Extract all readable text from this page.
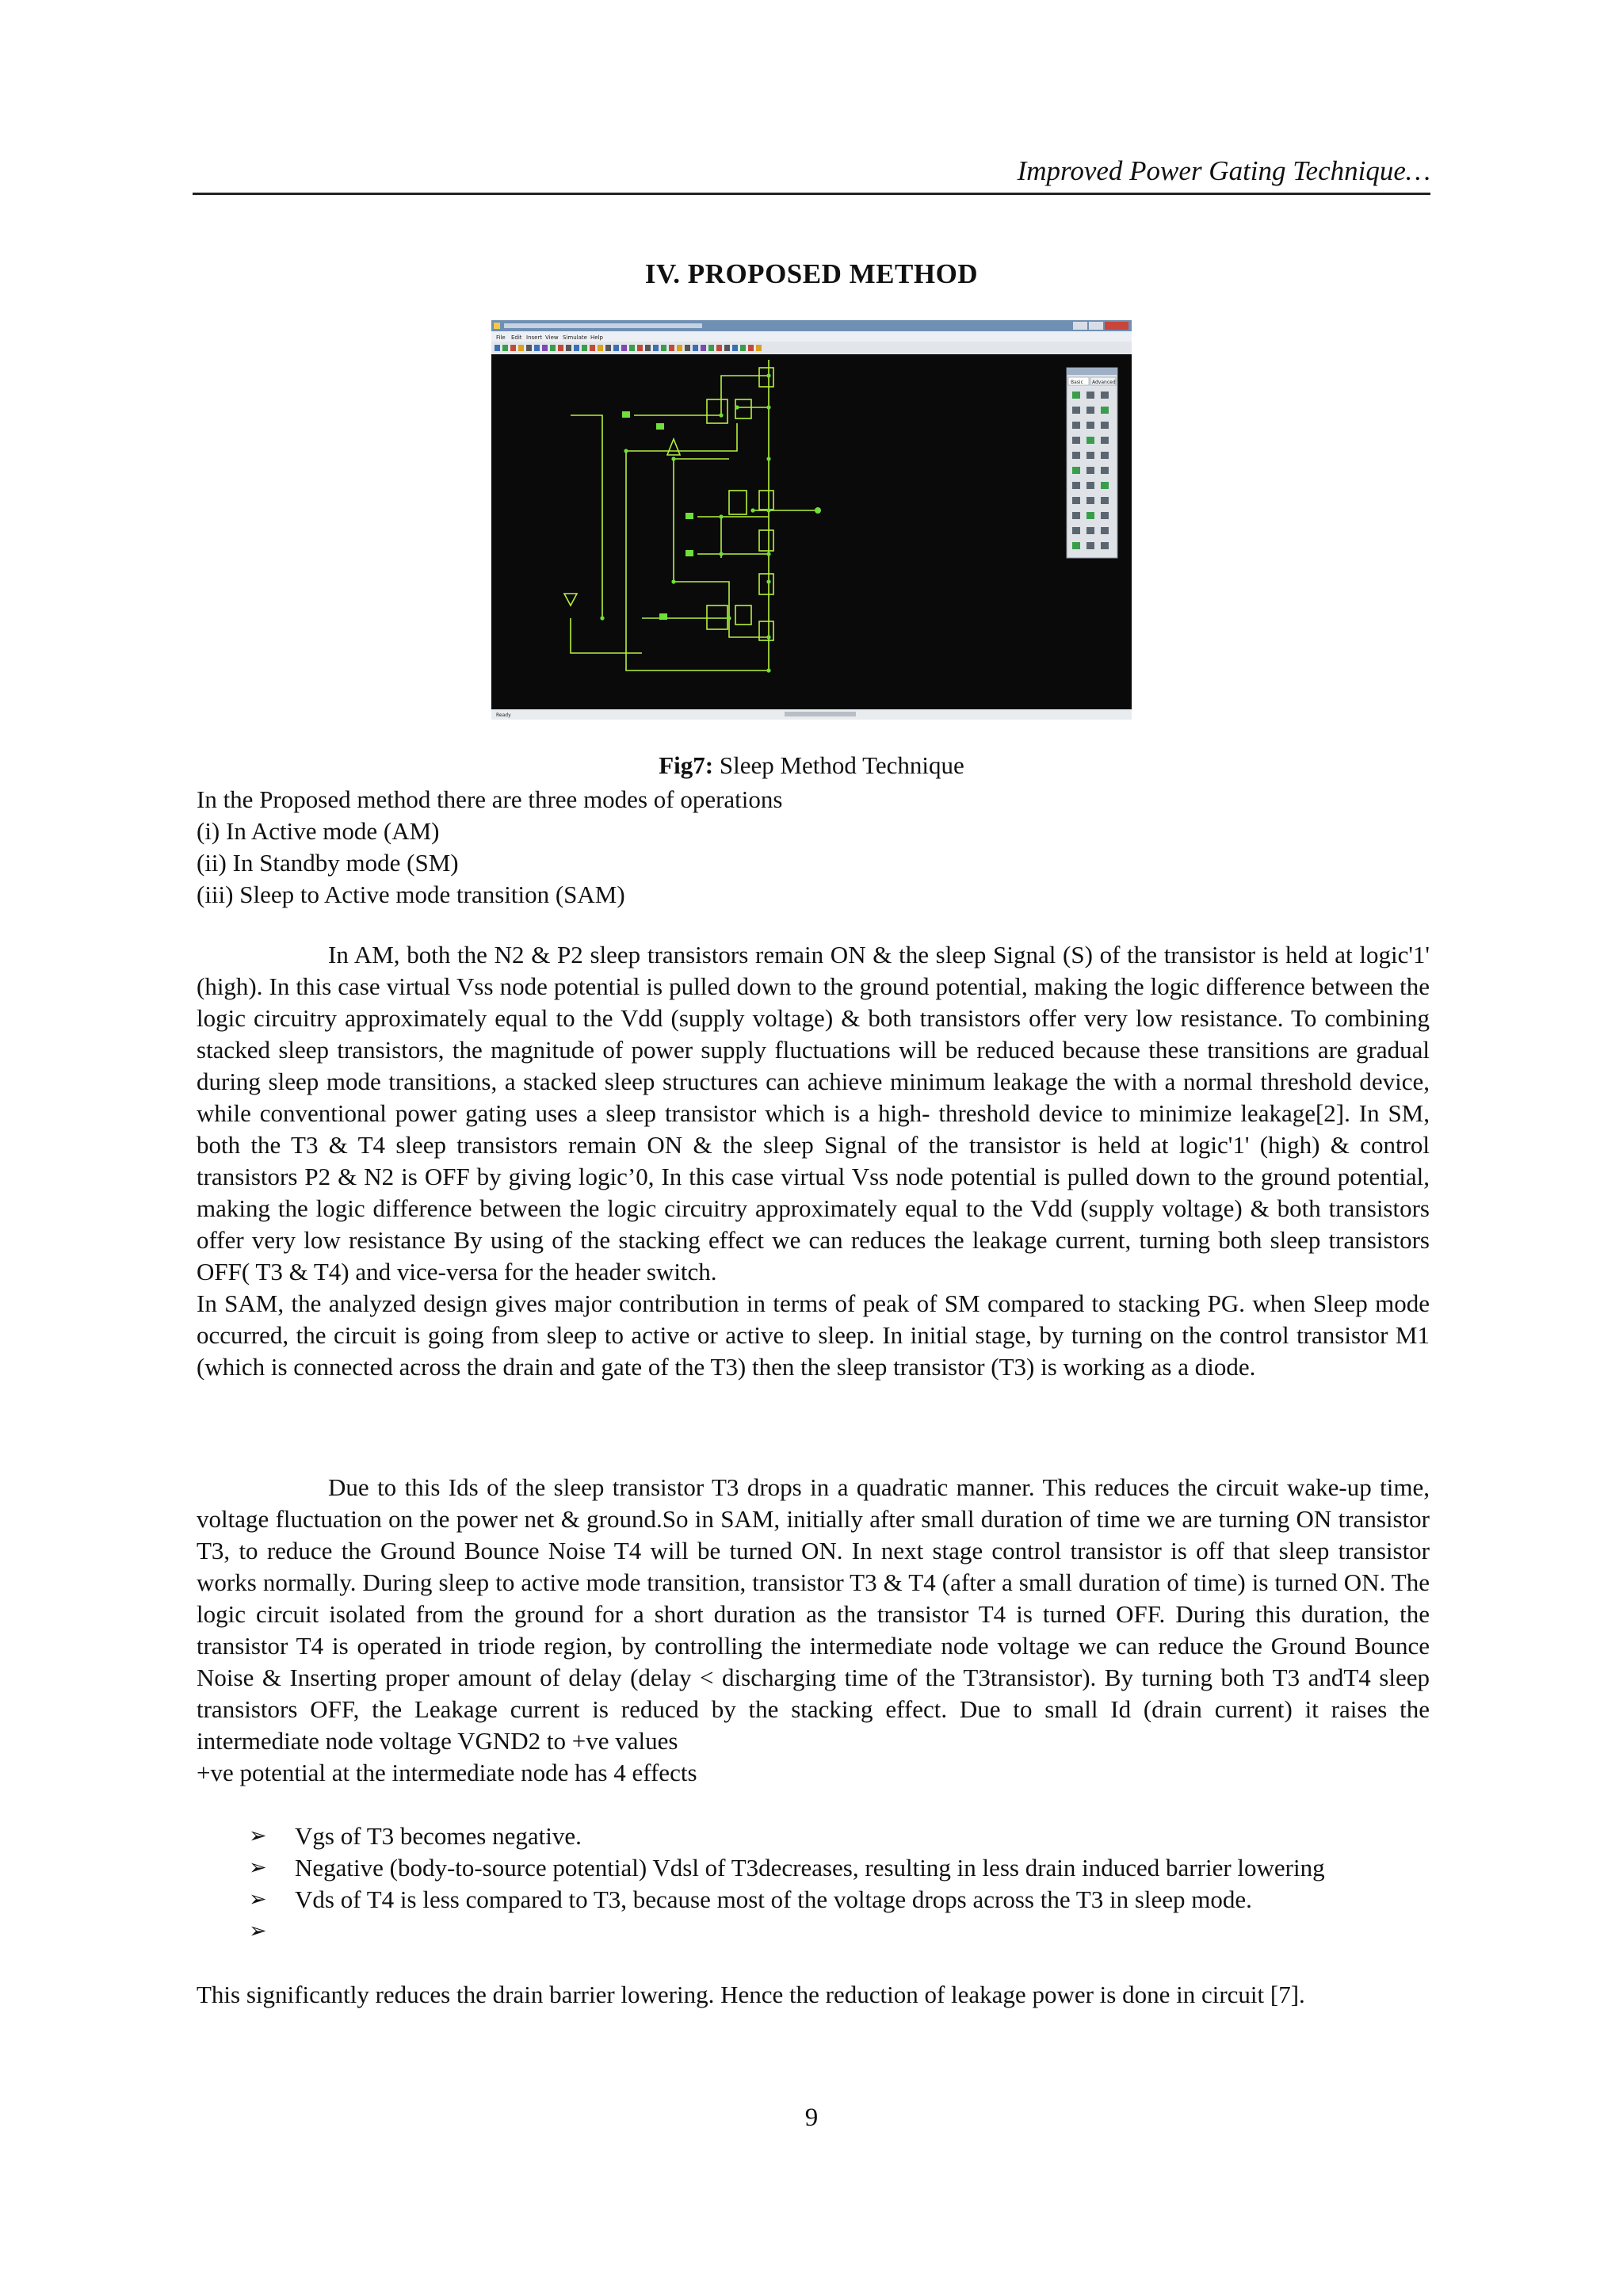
Improved Power Gating Technique…
IV. PROPOSED METHOD
File Edit Insert View Simulate Help
Basic Advanced
Ready
Fig7: Sleep Method Technique

In the Proposed method there are three modes of operations

(i) In Active mode (AM)

(ii) In Standby mode (SM)

(iii) Sleep to Active mode transition (SAM)

In AM, both the N2 & P2 sleep transistors remain ON & the sleep Signal (S) of the transistor is held at logic'1' (high). In this case virtual Vss node potential is pulled down to the ground potential, making the logic difference between the logic circuitry approximately equal to the Vdd (supply voltage) & both transistors offer very low resistance. To combining stacked sleep transistors, the magnitude of power supply fluctuations will be reduced because these transitions are gradual during sleep mode transitions, a stacked sleep structures can achieve minimum leakage the with a normal threshold device, while conventional power gating uses a sleep transistor which is a high- threshold device to minimize leakage[2]. In SM, both the T3 & T4 sleep transistors remain ON & the sleep Signal of the transistor is held at logic'1' (high) & control transistors P2 & N2 is OFF by giving logic’0, In this case virtual Vss node potential is pulled down to the ground potential, making the logic difference between the logic circuitry approximately equal to the Vdd (supply voltage) & both transistors offer very low resistance By using of the stacking effect we can reduces the leakage current, turning both sleep transistors OFF( T3 & T4) and vice-versa for the header switch.

In SAM, the analyzed design gives major contribution in terms of peak of SM compared to stacking PG. when Sleep mode occurred, the circuit is going from sleep to active or active to sleep. In initial stage, by turning on the control transistor M1 (which is connected across the drain and gate of the T3) then the sleep transistor (T3) is working as a diode.

Due to this Ids of the sleep transistor T3 drops in a quadratic manner. This reduces the circuit wake-up time, voltage fluctuation on the power net & ground.So in SAM, initially after small duration of time we are turning ON transistor T3, to reduce the Ground Bounce Noise T4 will be turned ON. In next stage control transistor is off that sleep transistor works normally. During sleep to active mode transition, transistor T3 & T4 (after a small duration of time) is turned ON. The logic circuit isolated from the ground for a short duration as the transistor T4 is turned OFF. During this duration, the transistor T4 is operated in triode region, by controlling the intermediate node voltage we can reduce the Ground Bounce Noise & Inserting proper amount of delay (delay < discharging time of the T3transistor). By turning both T3 andT4 sleep transistors OFF, the Leakage current is reduced by the stacking effect. Due to small Id (drain current) it raises the intermediate node voltage VGND2 to +ve values

+ve potential at the intermediate node has 4 effects

➢ Vgs of T3 becomes negative.
➢ Negative (body-to-source potential) Vdsl of T3decreases, resulting in less drain induced barrier lowering
➢ Vds of T4 is less compared to T3, because most of the voltage drops across the T3 in sleep mode.
➢

This significantly reduces the drain barrier lowering. Hence the reduction of leakage power is done in circuit [7].

9
